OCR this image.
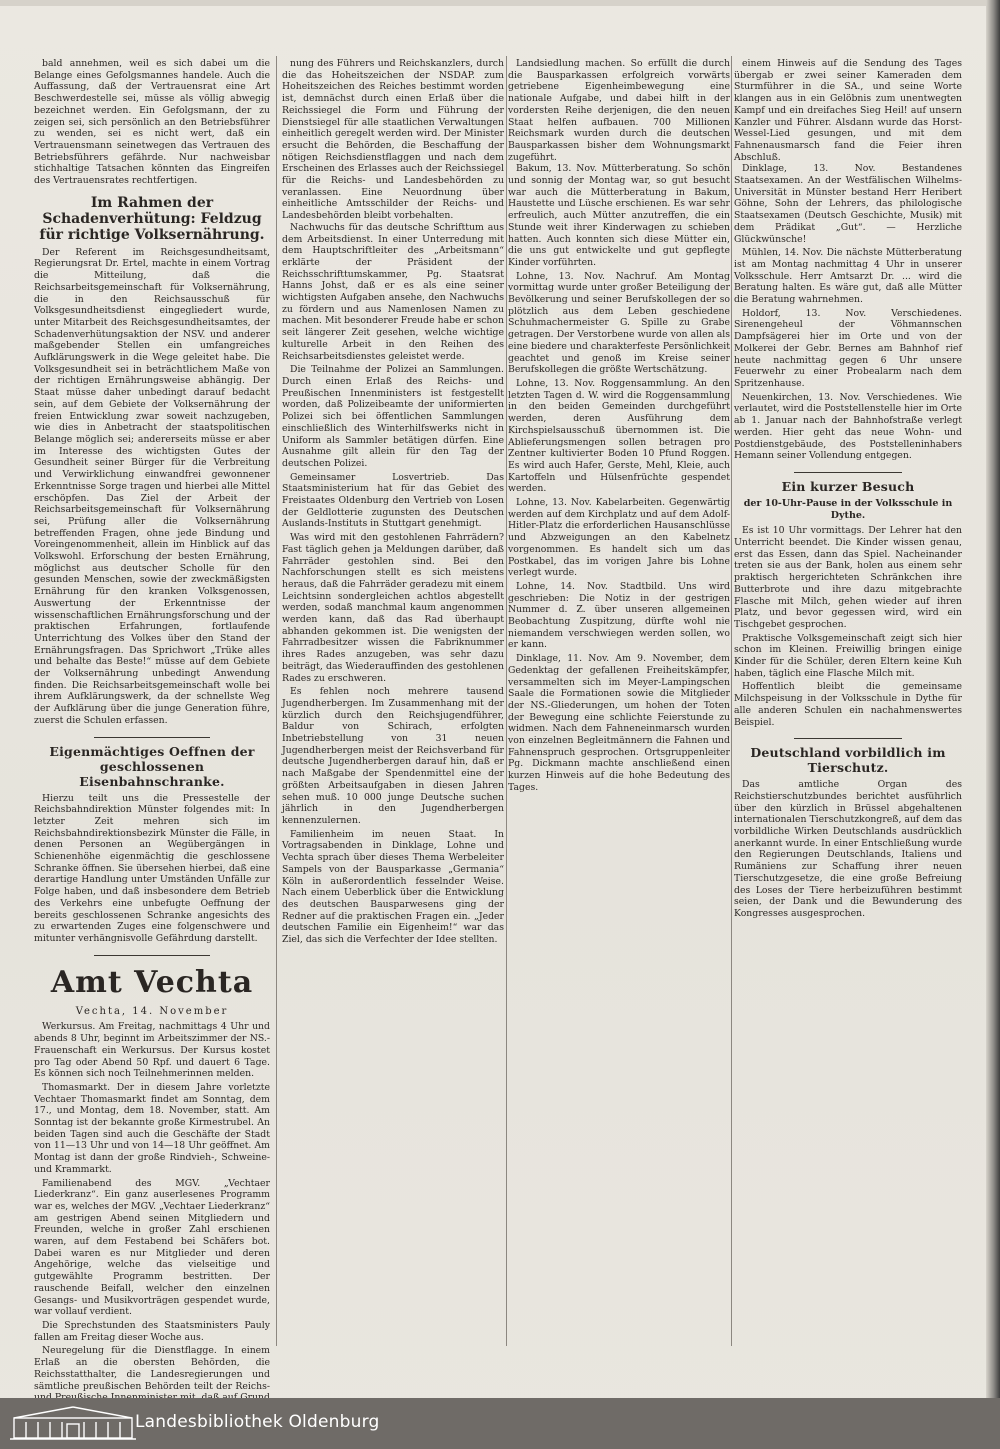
bald annehmen, weil es sich dabei um die Belange eines Gefolgsmannes handele. Auch die Auffassung, daß der Vertrauensrat eine Art Beschwerdestelle sei, müsse als völlig abwegig bezeichnet werden. Ein Gefolgsmann, der zu zeigen sei, sich persönlich an den Betriebsführer zu wenden, sei es nicht wert, daß ein Vertrauensmann seinetwegen das Vertrauen des Betriebsführers gefährde. Nur nachweisbar stichhaltige Tatsachen könnten das Eingreifen des Vertrauensrates rechtfertigen.

Im Rahmen der Schadenverhütung: Feldzug für richtige Volksernährung.

Der Referent im Reichsgesundheitsamt, Regierungsrat Dr. Ertel, machte in einem Vortrag die Mitteilung, daß die Reichsarbeitsgemeinschaft für Volksernährung, die in den Reichsausschuß für Volksgesundheitsdienst eingegliedert wurde, unter Mitarbeit des Reichsgesundheitsamtes, der Schadenverhütungsaktion der NSV. und anderer maßgebender Stellen ein umfangreiches Aufklärungswerk in die Wege geleitet habe. Die Volksgesundheit sei in beträchtlichem Maße von der richtigen Ernährungsweise abhängig. Der Staat müsse daher unbedingt darauf bedacht sein, auf dem Gebiete der Volksernährung der freien Entwicklung zwar soweit nachzugeben, wie dies in Anbetracht der staatspolitischen Belange möglich sei; andererseits müsse er aber im Interesse des wichtigsten Gutes der Gesundheit seiner Bürger für die Verbreitung und Verwirklichung einwandfrei gewonnener Erkenntnisse Sorge tragen und hierbei alle Mittel erschöpfen. Das Ziel der Arbeit der Reichsarbeitsgemeinschaft für Volksernährung sei, Prüfung aller die Volksernährung betreffenden Fragen, ohne jede Bindung und Voreingenommenheit, allein im Hinblick auf das Volkswohl. Erforschung der besten Ernährung, möglichst aus deutscher Scholle für den gesunden Menschen, sowie der zweckmäßigsten Ernährung für den kranken Volksgenossen, Auswertung der Erkenntnisse der wissenschaftlichen Ernährungsforschung und der praktischen Erfahrungen, fortlaufende Unterrichtung des Volkes über den Stand der Ernährungsfragen. Das Sprichwort „Trüke alles und behalte das Beste!“ müsse auf dem Gebiete der Volksernährung unbedingt Anwendung finden. Die Reichsarbeitsgemeinschaft wolle bei ihrem Aufklärungswerk, da der schnellste Weg der Aufklärung über die junge Generation führe, zuerst die Schulen erfassen.

Eigenmächtiges Oeffnen der geschlossenen Eisenbahnschranke.

Hierzu teilt uns die Pressestelle der Reichsbahndirektion Münster folgendes mit: In letzter Zeit mehren sich im Reichsbahndirektionsbezirk Münster die Fälle, in denen Personen an Wegübergängen in Schienenhöhe eigenmächtig die geschlossene Schranke öffnen. Sie übersehen hierbei, daß eine derartige Handlung unter Umständen Unfälle zur Folge haben, und daß insbesondere dem Betrieb des Verkehrs eine unbefugte Oeffnung der bereits geschlossenen Schranke angesichts des zu erwartenden Zuges eine folgenschwere und mitunter verhängnisvolle Gefährdung darstellt.

Amt Vechta
Vechta, 14. November

Werkursus. Am Freitag, nachmittags 4 Uhr und abends 8 Uhr, beginnt im Arbeitszimmer der NS.-Frauenschaft ein Werkursus. Der Kursus kostet pro Tag oder Abend 50 Rpf. und dauert 6 Tage. Es können sich noch Teilnehmerinnen melden.

Thomasmarkt. Der in diesem Jahre vorletzte Vechtaer Thomasmarkt findet am Sonntag, dem 17., und Montag, dem 18. November, statt. Am Sonntag ist der bekannte große Kirmestrubel. An beiden Tagen sind auch die Geschäfte der Stadt von 11—13 Uhr und von 14—18 Uhr geöffnet. Am Montag ist dann der große Rindvieh-, Schweine- und Krammarkt.

Familienabend des MGV. „Vechtaer Liederkranz“. Ein ganz auserlesenes Programm war es, welches der MGV. „Vechtaer Liederkranz“ am gestrigen Abend seinen Mitgliedern und Freunden, welche in großer Zahl erschienen waren, auf dem Festabend bei Schäfers bot. Dabei waren es nur Mitglieder und deren Angehörige, welche das vielseitige und gutgewählte Programm bestritten. Der rauschende Beifall, welcher den einzelnen Gesangs- und Musikvorträgen gespendet wurde, war vollauf verdient.

Die Sprechstunden des Staatsministers Pauly fallen am Freitag dieser Woche aus.

Neuregelung für die Dienstflagge. In einem Erlaß an die obersten Behörden, die Reichsstatthalter, die Landesregierungen und sämtliche preußischen Behörden teilt der Reichs-

nung des Führers und Reichskanzlers, durch die das Hoheitszeichen der NSDAP. zum Hoheitszeichen des Reiches bestimmt worden ist, demnächst durch einen Erlaß über die Reichssiegel die Form und Führung der Dienstsiegel für alle staatlichen Verwaltungen einheitlich geregelt werden wird. Der Minister ersucht die Behörden, die Beschaffung der nötigen Reichsdienstflaggen und nach dem Erscheinen des Erlasses auch der Reichssiegel für die Reichs- und Landesbehörden zu veranlassen. Eine Neuordnung über einheitliche Amtsschilder der Reichs- und Landesbehörden bleibt vorbehalten.

Nachwuchs für das deutsche Schrifttum aus dem Arbeitsdienst. In einer Unterredung mit dem Hauptschriftleiter des „Arbeitsmann“ erklärte der Präsident der Reichsschrifttumskammer, Pg. Staatsrat Hanns Johst, daß er es als eine seiner wichtigsten Aufgaben ansehe, den Nachwuchs zu fördern und aus Namenlosen Namen zu machen. Mit besonderer Freude habe er schon seit längerer Zeit gesehen, welche wichtige kulturelle Arbeit in den Reihen des Reichsarbeitsdienstes geleistet werde.

Die Teilnahme der Polizei an Sammlungen. Durch einen Erlaß des Reichs- und Preußischen Innenministers ist festgestellt worden, daß Polizeibeamte der uniformierten Polizei sich bei öffentlichen Sammlungen einschließlich des Winterhilfswerks nicht in Uniform als Sammler betätigen dürfen. Eine Ausnahme gilt allein für den Tag der deutschen Polizei.

Gemeinsamer Losvertrieb. Das Staatsministerium hat für das Gebiet des Freistaates Oldenburg den Vertrieb von Losen der Geldlotterie zugunsten des Deutschen Auslands-Instituts in Stuttgart genehmigt.

Was wird mit den gestohlenen Fahrrädern? Fast täglich gehen ja Meldungen darüber, daß Fahrräder gestohlen sind. Bei den Nachforschungen stellt es sich meistens heraus, daß die Fahrräder geradezu mit einem Leichtsinn sondergleichen achtlos abgestellt werden, sodaß manchmal kaum angenommen werden kann, daß das Rad überhaupt abhanden gekommen ist. Die wenigsten der Fahrradbesitzer wissen die Fabriknummer ihres Rades anzugeben, was sehr dazu beiträgt, das Wiederauffinden des gestohlenen Rades zu erschweren.

Es fehlen noch mehrere tausend Jugendherbergen. Im Zusammenhang mit der kürzlich durch den Reichsjugendführer, Baldur von Schirach, erfolgten Inbetriebstellung von 31 neuen Jugendherbergen meist der Reichsverband für deutsche Jugendherbergen darauf hin, daß er nach Maßgabe der Spendenmittel eine der größten Arbeitsaufgaben in diesen Jahren sehen muß. 10 000 junge Deutsche suchen jährlich in den Jugendherbergen kennenzulernen.

Familienheim im neuen Staat. In Vortragsabenden in Dinklage, Lohne und Vechta sprach über dieses Thema Werbeleiter Sampels von der Bausparkasse „Germania“ Köln in außerordentlich fesselnder Weise. Nach einem Ueberblick über die Entwicklung des deutschen Bausparwesens ging der Redner auf die praktischen Fragen ein. „Jeder deutschen Familie ein Eigenheim!“ war das Ziel, das sich die Verfechter der Idee stellten.

Landsiedlung machen. So erfüllt die durch die Bausparkassen erfolgreich vorwärts getriebene Eigenheimbewegung eine nationale Aufgabe, und dabei hilft in der vordersten Reihe derjenigen, die den neuen Staat helfen aufbauen. 700 Millionen Reichsmark wurden durch die deutschen Bausparkassen bisher dem Wohnungsmarkt zugeführt.

Bakum, 13. Nov. Mütterberatung. So schön und sonnig der Montag war, so gut besucht war auch die Mütterberatung in Bakum, Haustette und Lüsche erschienen. Es war sehr erfreulich, auch Mütter anzutreffen, die ein Stunde weit ihrer Kinderwagen zu schieben hatten. Auch konnten sich diese Mütter ein, die uns gut entwickelte und gut gepflegte Kinder vorführten.

Lohne, 13. Nov. Nachruf. Am Montag vormittag wurde unter großer Beteiligung der Bevölkerung und seiner Berufskollegen der so plötzlich aus dem Leben geschiedene Schuhmachermeister G. Spille zu Grabe getragen. Der Verstorbene wurde von allen als eine biedere und charakterfeste Persönlichkeit geachtet und genoß im Kreise seiner Berufskollegen die größte Wertschätzung.

Lohne, 13. Nov. Roggensammlung. An den letzten Tagen d. W. wird die Roggensammlung in den beiden Gemeinden durchgeführt werden, deren Ausführung dem Kirchspielsausschuß übernommen ist. Die Ablieferungsmengen sollen betragen pro Zentner kultivierter Boden 10 Pfund Roggen. Es wird auch Hafer, Gerste, Mehl, Kleie, auch Kartoffeln und Hülsenfrüchte gespendet werden.

Lohne, 13. Nov. Kabelarbeiten. Gegenwärtig werden auf dem Kirchplatz und auf dem Adolf-Hitler-Platz die erforderlichen Hausanschlüsse und Abzweigungen an den Kabelnetz vorgenommen. Es handelt sich um das Postkabel, das im vorigen Jahre bis Lohne verlegt wurde.

Lohne, 14. Nov. Stadtbild. Uns wird geschrieben: Die Notiz in der gestrigen Nummer d. Z. über unseren allgemeinen Beobachtung Zuspitzung, dürfte wohl nie niemandem verschwiegen werden sollen, wo er kann.

Dinklage, 11. Nov. Am 9. November, dem Gedenktag der gefallenen Freiheitskämpfer, versammelten sich im Meyer-Lampingschen Saale die Formationen sowie die Mitglieder der NS.-Gliederungen, um hohen der Toten der Bewegung eine schlichte Feierstunde zu widmen. Nach dem Fahneneinmarsch wurden von einzelnen Begleitmännern die Fahnen und Fahnenspruch gesprochen. Ortsgruppenleiter Pg. Dickmann machte anschließend einen kurzen Hinweis auf die hohe Bedeutung des Tages.

einem Hinweis auf die Sendung des Tages übergab er zwei seiner Kameraden dem Sturmführer in die SA., und seine Worte klangen aus in ein Gelöbnis zum unentwegten Kampf und ein dreifaches Sieg Heil! auf unsern Kanzler und Führer. Alsdann wurde das Horst-Wessel-Lied gesungen, und mit dem Fahnenausmarsch fand die Feier ihren Abschluß.

Dinklage, 13. Nov. Bestandenes Staatsexamen. An der Westfälischen Wilhelms-Universität in Münster bestand Herr Heribert Göhne, Sohn der Lehrers, das philologische Staatsexamen (Deutsch Geschichte, Musik) mit dem Prädikat „Gut“. — Herzliche Glückwünsche!

Mühlen, 14. Nov. Die nächste Mütterberatung ist am Montag nachmittag 4 Uhr in unserer Volksschule. Herr Amtsarzt Dr. ... wird die Beratung halten. Es wäre gut, daß alle Mütter die Beratung wahrnehmen.

Holdorf, 13. Nov. Verschiedenes. Sirenengeheul der Vöhmannschen Dampfsägerei hier im Orte und von der Molkerei der Gebr. Bernes am Bahnhof rief heute nachmittag gegen 6 Uhr unsere Feuerwehr zu einer Probealarm nach dem Spritzenhause.

Neuenkirchen, 13. Nov. Verschiedenes. Wie verlautet, wird die Poststellenstelle hier im Orte ab 1. Januar nach der Bahnhofstraße verlegt werden. Hier geht das neue Wohn- und Postdienstgebäude, des Poststelleninhabers Hemann seiner Vollendung entgegen.

Ein kurzer Besuch
der 10-Uhr-Pause in der Volksschule in Dythe.

Es ist 10 Uhr vormittags. Der Lehrer hat den Unterricht beendet. Die Kinder wissen genau, erst das Essen, dann das Spiel. Nacheinander treten sie aus der Bank, holen aus einem sehr praktisch hergerichteten Schränkchen ihre Butterbrote und ihre dazu mitgebrachte Flasche mit Milch, gehen wieder auf ihren Platz, und bevor gegessen wird, wird ein Tischgebet gesprochen.

Praktische Volksgemeinschaft zeigt sich hier schon im Kleinen. Freiwillig bringen einige Kinder für die Schüler, deren Eltern keine Kuh haben, täglich eine Flasche Milch mit.

Hoffentlich bleibt die gemeinsame Milchspeisung in der Volksschule in Dythe für alle anderen Schulen ein nachahmenswertes Beispiel.

Deutschland vorbildlich im Tierschutz.

Das amtliche Organ des Reichstierschutzbundes berichtet ausführlich über den kürzlich in Brüssel abgehaltenen internationalen Tierschutzkongreß, auf dem das vorbildliche Wirken Deutschlands ausdrücklich anerkannt wurde. In einer Entschließung wurde den Regierungen Deutschlands, Italiens und Rumäniens zur Schaffung ihrer neuen Tierschutzgesetze, die eine große Befreiung des Loses der Tiere herbeizuführen bestimmt seien, der Dank und die Bewunderung des Kongresses ausgesprochen.

Landesbibliothek Oldenburg
